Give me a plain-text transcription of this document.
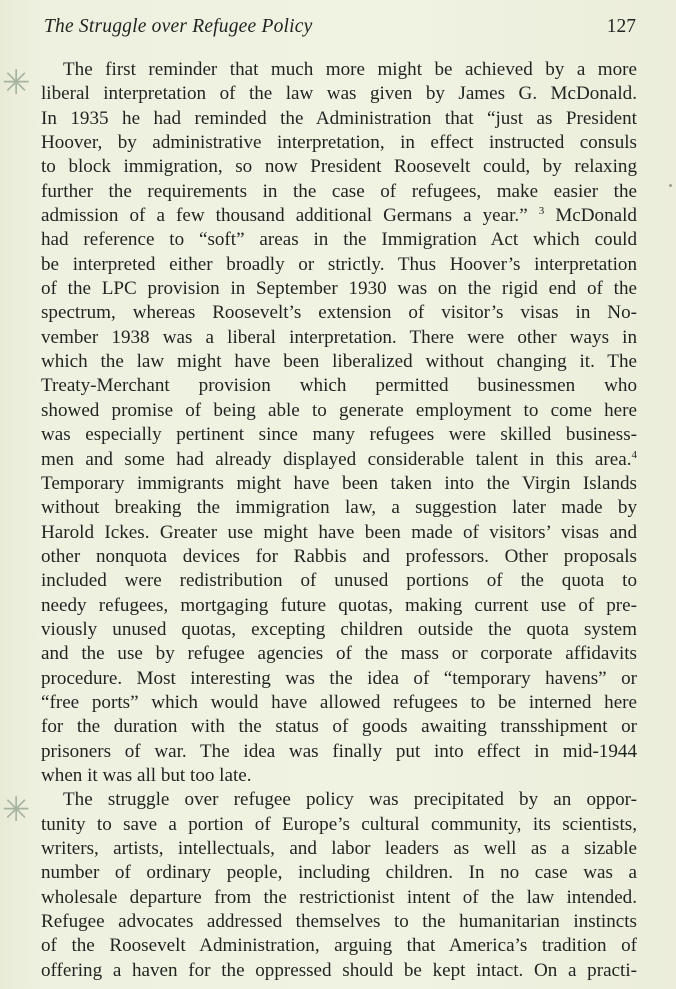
The Struggle over Refugee Policy	127
✳
✳
The first reminder that much more might be achieved by a more
liberal interpretation of the law was given by James G. McDonald.
In 1935 he had reminded the Administration that “just as President
Hoover, by administrative interpretation, in effect instructed consuls
to block immigration, so now President Roosevelt could, by relaxing
further the requirements in the case of refugees, make easier the
admission of a few thousand additional Germans a year.” $^3$ McDonald
had reference to “soft” areas in the Immigration Act which could
be interpreted either broadly or strictly. Thus Hoover’s interpretation
of the LPC provision in September 1930 was on the rigid end of the
spectrum, whereas Roosevelt’s extension of visitor’s visas in No-
vember 1938 was a liberal interpretation. There were other ways in
which the law might have been liberalized without changing it. The
Treaty-Merchant provision which permitted businessmen who
showed promise of being able to generate employment to come here
was especially pertinent since many refugees were skilled business-
men and some had already displayed considerable talent in this area.$^4$
Temporary immigrants might have been taken into the Virgin Islands
without breaking the immigration law, a suggestion later made by
Harold Ickes. Greater use might have been made of visitors’ visas and
other nonquota devices for Rabbis and professors. Other proposals
included were redistribution of unused portions of the quota to
needy refugees, mortgaging future quotas, making current use of pre-
viously unused quotas, excepting children outside the quota system
and the use by refugee agencies of the mass or corporate affidavits
procedure. Most interesting was the idea of “temporary havens” or
“free ports” which would have allowed refugees to be interned here
for the duration with the status of goods awaiting transshipment or
prisoners of war. The idea was finally put into effect in mid-1944
when it was all but too late.
The struggle over refugee policy was precipitated by an oppor-
tunity to save a portion of Europe’s cultural community, its scientists,
writers, artists, intellectuals, and labor leaders as well as a sizable
number of ordinary people, including children. In no case was a
wholesale departure from the restrictionist intent of the law intended.
Refugee advocates addressed themselves to the humanitarian instincts
of the Roosevelt Administration, arguing that America’s tradition of
offering a haven for the oppressed should be kept intact. On a practi-
